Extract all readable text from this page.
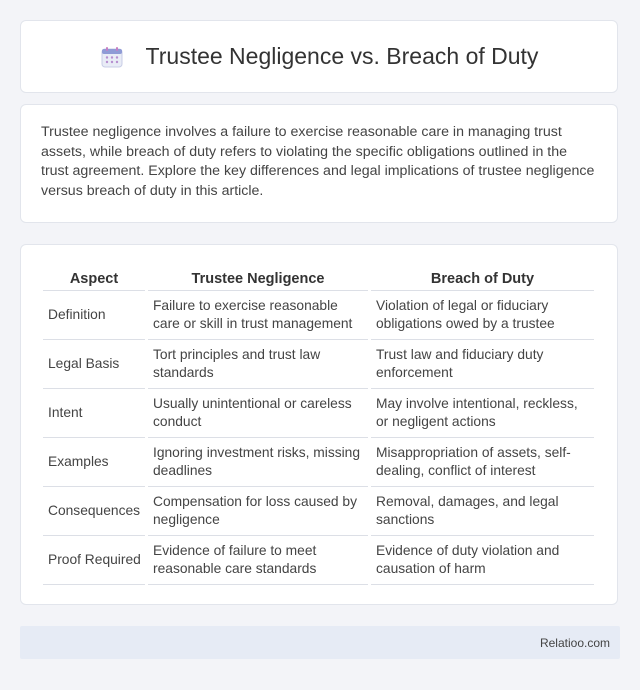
Trustee Negligence vs. Breach of Duty

Trustee negligence involves a failure to exercise reasonable care in managing trust assets, while breach of duty refers to violating the specific obligations outlined in the trust agreement. Explore the key differences and legal implications of trustee negligence versus breach of duty in this article.

Aspect	Trustee Negligence	Breach of Duty
Definition	Failure to exercise reasonable care or skill in trust management	Violation of legal or fiduciary obligations owed by a trustee
Legal Basis	Tort principles and trust law standards	Trust law and fiduciary duty enforcement
Intent	Usually unintentional or careless conduct	May involve intentional, reckless, or negligent actions
Examples	Ignoring investment risks, missing deadlines	Misappropriation of assets, self-dealing, conflict of interest
Consequences	Compensation for loss caused by negligence	Removal, damages, and legal sanctions
Proof Required	Evidence of failure to meet reasonable care standards	Evidence of duty violation and causation of harm
Relatioo.com
